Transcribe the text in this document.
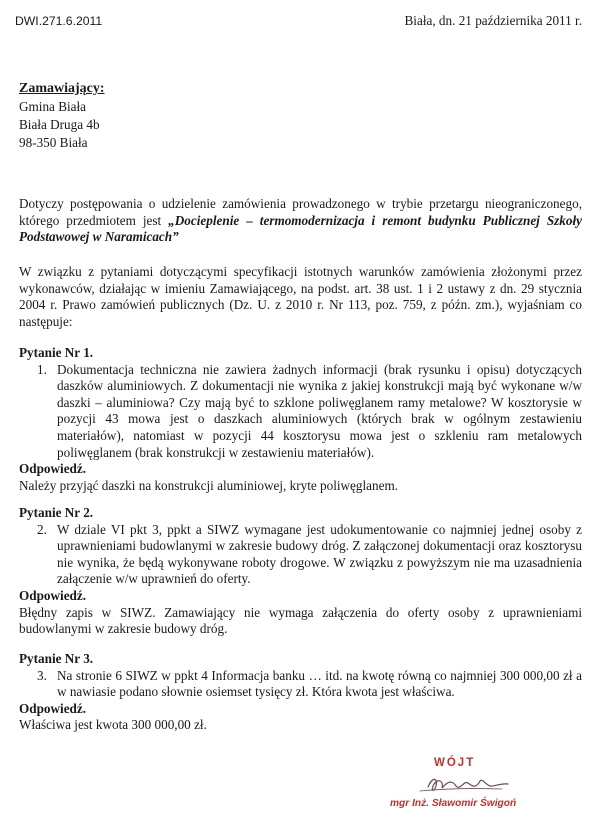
DWI.271.6.2011	Biała, dn. 21 października 2011 r.
Zamawiający:
Gmina Biała
Biała Druga 4b
98-350 Biała

Dotyczy postępowania o udzielenie zamówienia prowadzonego w trybie przetargu nieograniczonego, którego przedmiotem jest „Docieplenie – termomodernizacja i remont budynku Publicznej Szkoły Podstawowej w Naramicach”

W związku z pytaniami dotyczącymi specyfikacji istotnych warunków zamówienia złożonymi przez wykonawców, działając w imieniu Zamawiającego, na podst. art. 38 ust. 1 i 2 ustawy z dn. 29 stycznia 2004 r. Prawo zamówień publicznych (Dz. U. z 2010 r. Nr 113, poz. 759, z późn. zm.), wyjaśniam co następuje:

Pytanie Nr 1.
1. Dokumentacja techniczna nie zawiera żadnych informacji (brak rysunku i opisu) dotyczących daszków aluminiowych. Z dokumentacji nie wynika z jakiej konstrukcji mają być wykonane w/w daszki – aluminiowa? Czy mają być to szklone poliwęglanem ramy metalowe? W kosztorysie w pozycji 43 mowa jest o daszkach aluminiowych (których brak w ogólnym zestawieniu materiałów), natomiast w pozycji 44 kosztorysu mowa jest o szkleniu ram metalowych poliwęglanem (brak konstrukcji w zestawieniu materiałów).
Odpowiedź.
Należy przyjąć daszki na konstrukcji aluminiowej, kryte poliwęglanem.
Pytanie Nr 2.
2. W dziale VI pkt 3, ppkt a SIWZ wymagane jest udokumentowanie co najmniej jednej osoby z uprawnieniami budowlanymi w zakresie budowy dróg. Z załączonej dokumentacji oraz kosztorysu nie wynika, że będą wykonywane roboty drogowe. W związku z powyższym nie ma uzasadnienia załączenie w/w uprawnień do oferty.
Odpowiedź.
Błędny zapis w SIWZ. Zamawiający nie wymaga załączenia do oferty osoby z uprawnieniami budowlanymi w zakresie budowy dróg.
Pytanie Nr 3.
3. Na stronie 6 SIWZ w ppkt 4 Informacja banku … itd. na kwotę równą co najmniej 300 000,00 zł a w nawiasie podano słownie osiemset tysięcy zł. Która kwota jest właściwa.
Odpowiedź.
Właściwa jest kwota 300 000,00 zł.
WÓJT
mgr Inż. Sławomir Świgoń
